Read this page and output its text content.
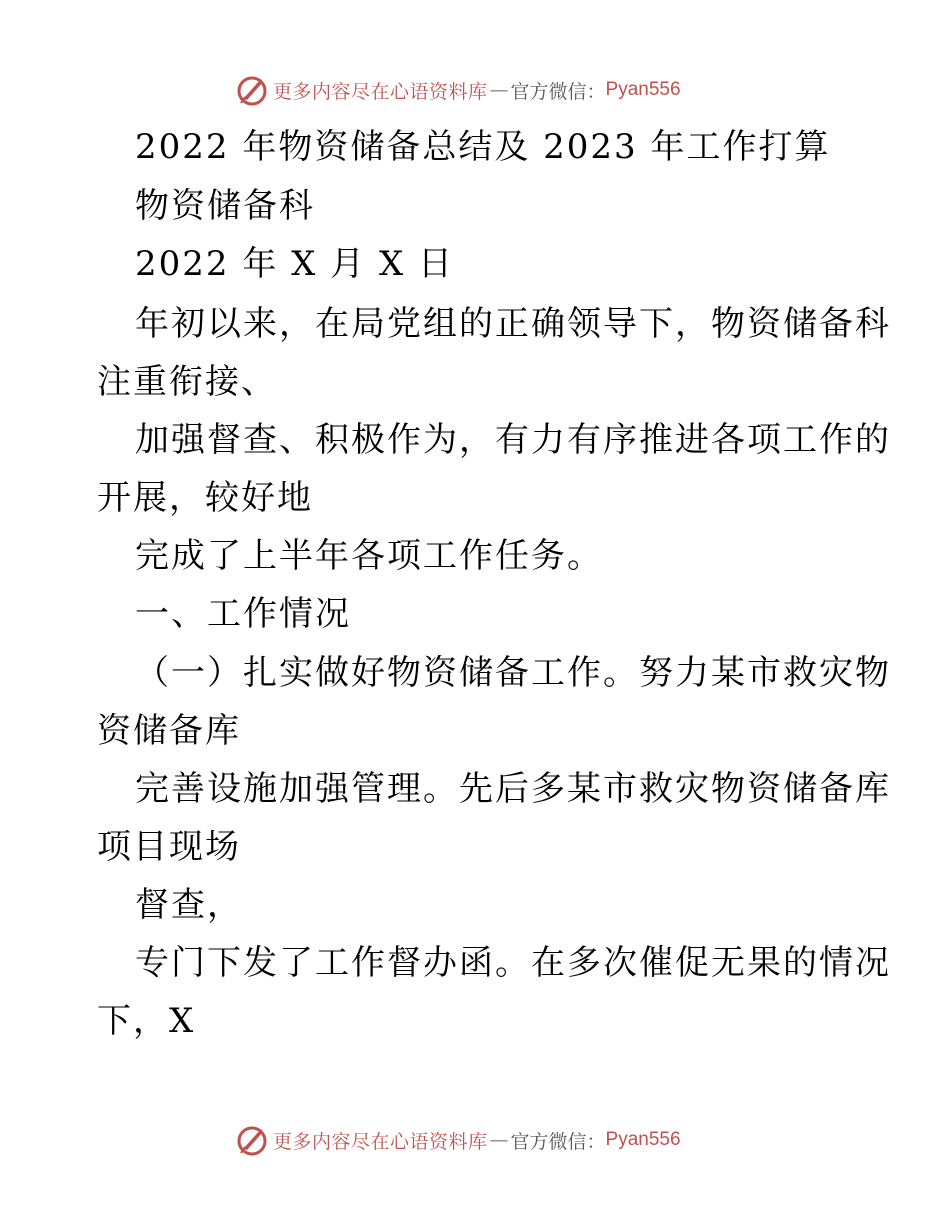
更多内容尽在心语资料库 — 官方微信： Pyan556
2022 年物资储备总结及 2023 年工作打算
物资储备科
2022 年 X 月 X 日
年初以来，在局党组的正确领导下，物资储备科
注重衔接、
加强督查、积极作为，有力有序推进各项工作的
开展，较好地
完成了上半年各项工作任务。
一、工作情况
（一）扎实做好物资储备工作。努力某市救灾物
资储备库
完善设施加强管理。先后多某市救灾物资储备库
项目现场
督查，
专门下发了工作督办函。在多次催促无果的情况
下，X
更多内容尽在心语资料库 — 官方微信： Pyan556
